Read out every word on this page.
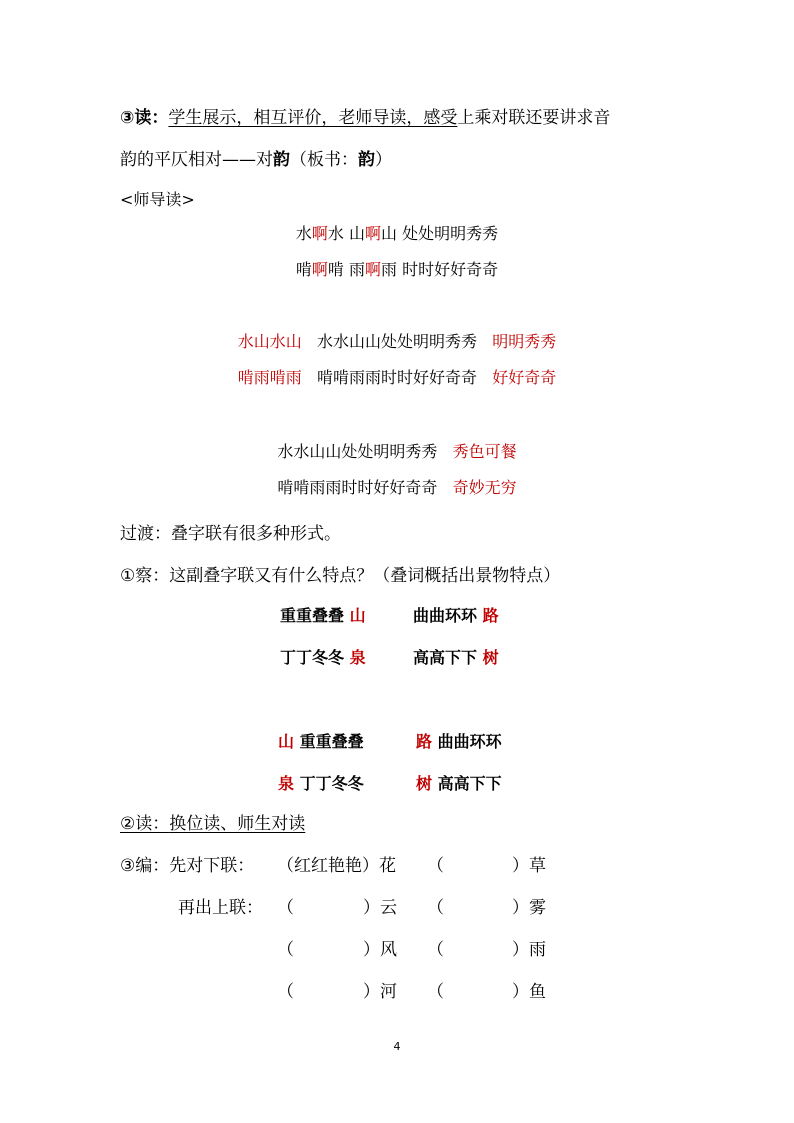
③读：学生展示，相互评价，老师导读，感受上乘对联还要讲求音
韵的平仄相对——对韵（板书：韵）
<师导读>
水啊水 山啊山 处处明明秀秀
啃啊啃 雨啊雨 时时好好奇奇
水山水山 水水山山处处明明秀秀 明明秀秀
啃雨啃雨 啃啃雨雨时时好好奇奇 好好奇奇
水水山山处处明明秀秀 秀色可餐
啃啃雨雨时时好好奇奇 奇妙无穷
过渡：叠字联有很多种形式。
①察：这副叠字联又有什么特点？（叠词概括出景物特点）
重重叠叠 山	曲曲环环 路
丁丁冬冬 泉	高高下下 树
山 重重叠叠	路 曲曲环环
泉 丁丁冬冬	树 高高下下
②读：换位读、师生对读
③编：先对下联： （红红艳艳）花 （	）草
再出上联： （	）云 （	）雾
（	）风 （	）雨
（	）河 （	）鱼
4
